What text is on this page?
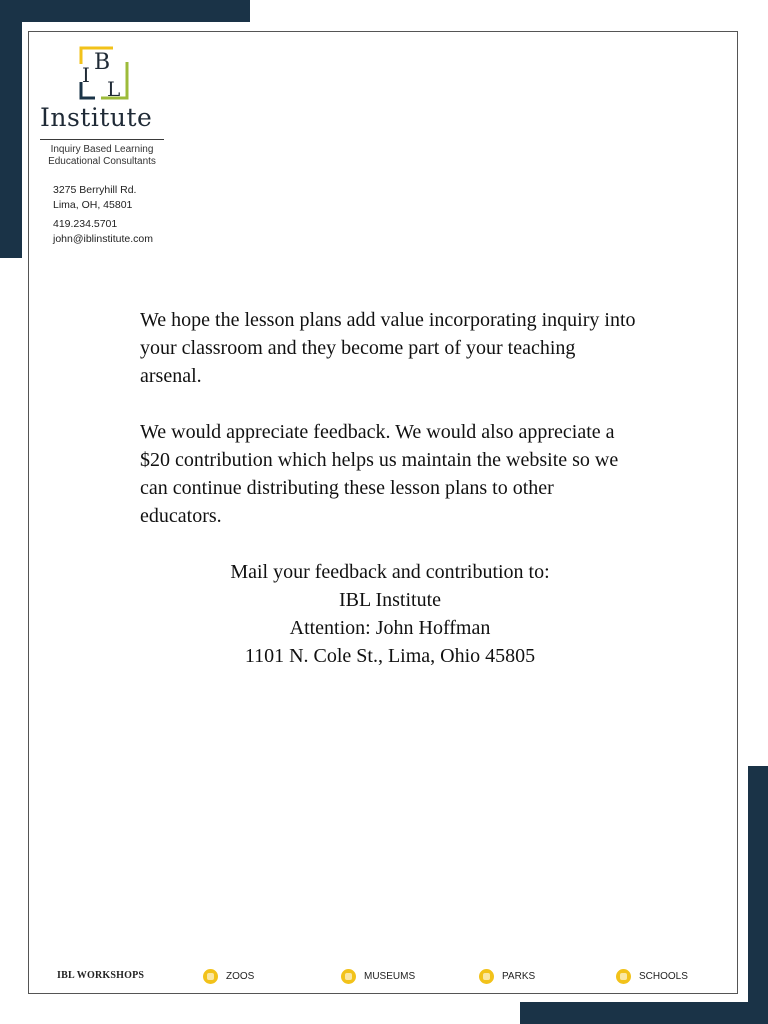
I B
L
Institute
Inquiry Based Learning
Educational Consultants
3275 Berryhill Rd.
Lima, OH, 45801
419.234.5701
john@iblinstitute.com
We hope the lesson plans add value incorporating inquiry into your classroom and they become part of your teaching arsenal.
We would appreciate feedback. We would also appreciate a $20 contribution which helps us maintain the website so we can continue distributing these lesson plans to other educators.
Mail your feedback and contribution to:
IBL Institute
Attention: John Hoffman
1101 N. Cole St., Lima, Ohio 45805
IBL WORKSHOPS	ZOOS	MUSEUMS	PARKS	SCHOOLS
